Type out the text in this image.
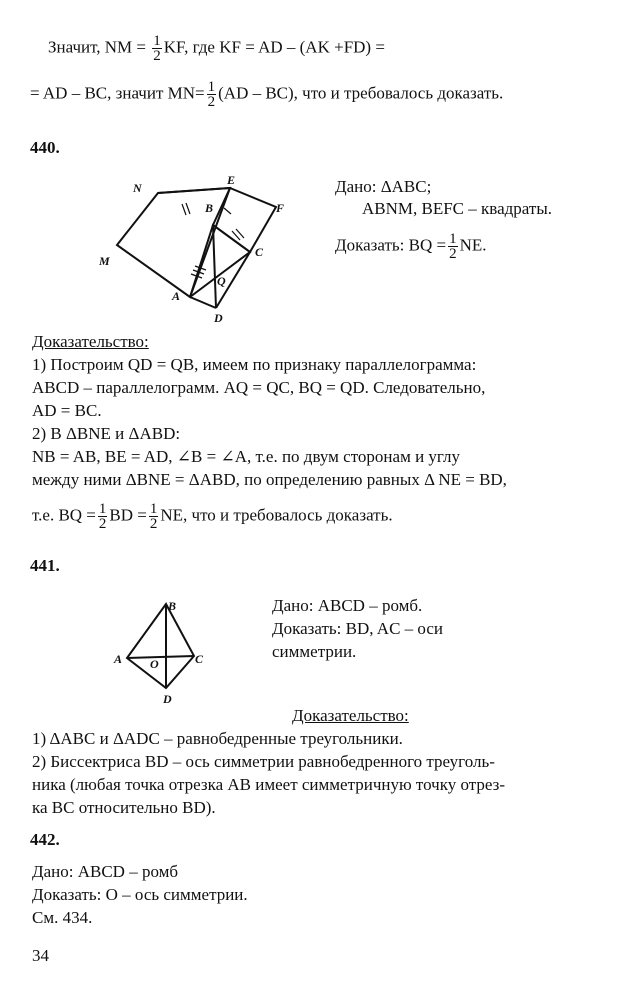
Значит, NM = $\frac{1}{2}$ KF, где KF = AD – (AK +FD) =
= AD – BC, значит $MN= \frac{1}{2} (AD - BC)$, что и требовалось доказать.
440.
N
E
B	F
M
C
Q
A
D
B
A	C
D
O
Дано: ΔABC;
ABNM, BEFC – квадраты.
Доказать: BQ = $\frac{1}{2}$ NE.
Доказательство:
1) Построим QD = QB, имеем по признаку параллелограмма:
ABCD – параллелограмм. AQ = QC, BQ = QD. Следовательно,
AD = BC.
2) В ΔBNE и ΔABD:
NB = AB, BE = AD, ∠B = ∠A, т.е. по двум сторонам и углу
между ними ΔBNE = ΔABD, по определению равных Δ NE = BD,
т.е. BQ = $\frac{1}{2}$ BD = $\frac{1}{2}$ NE, что и требовалось доказать.
441.
Дано: ABCD – ромб.
Доказать: BD, AC – оси
симметрии.
Доказательство:
1) ΔABC и ΔADC – равнобедренные треугольники.
2) Биссектриса BD – ось симметрии равнобедренного треуголь-
ника (любая точка отрезка AB имеет симметричную точку отрез-
ка BC относительно BD).
442.
Дано: ABCD – ромб
Доказать: O – ось симметрии.
См. 434.
34
